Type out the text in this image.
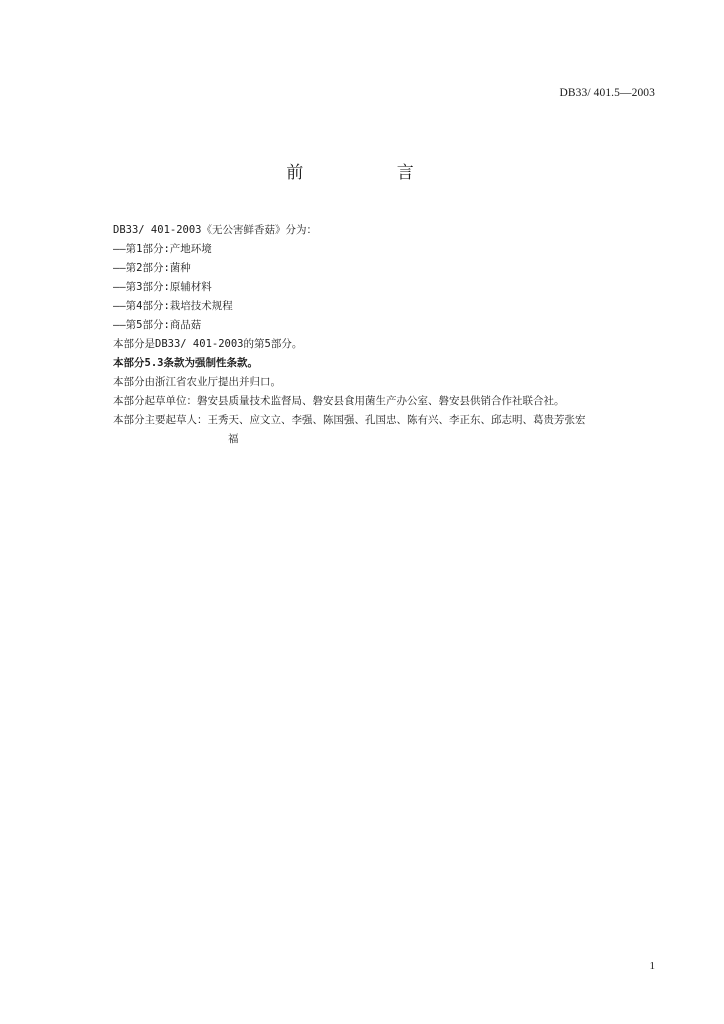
DB33/ 401.5—2003
前 言
DB33/ 401-2003《无公害鲜香菇》分为：
——第1部分:产地环境
——第2部分:菌种
——第3部分:原辅材料
——第4部分:栽培技术规程
——第5部分:商品菇
本部分是DB33/ 401-2003的第5部分。
本部分5.3条款为强制性条款。
本部分由浙江省农业厅提出并归口。
本部分起草单位：磐安县质量技术监督局、磐安县食用菌生产办公室、磐安县供销合作社联合社。
本部分主要起草人：王秀天、应文立、李强、陈国强、孔国忠、陈有兴、李正东、邱志明、葛贵芳张宏
福
1
